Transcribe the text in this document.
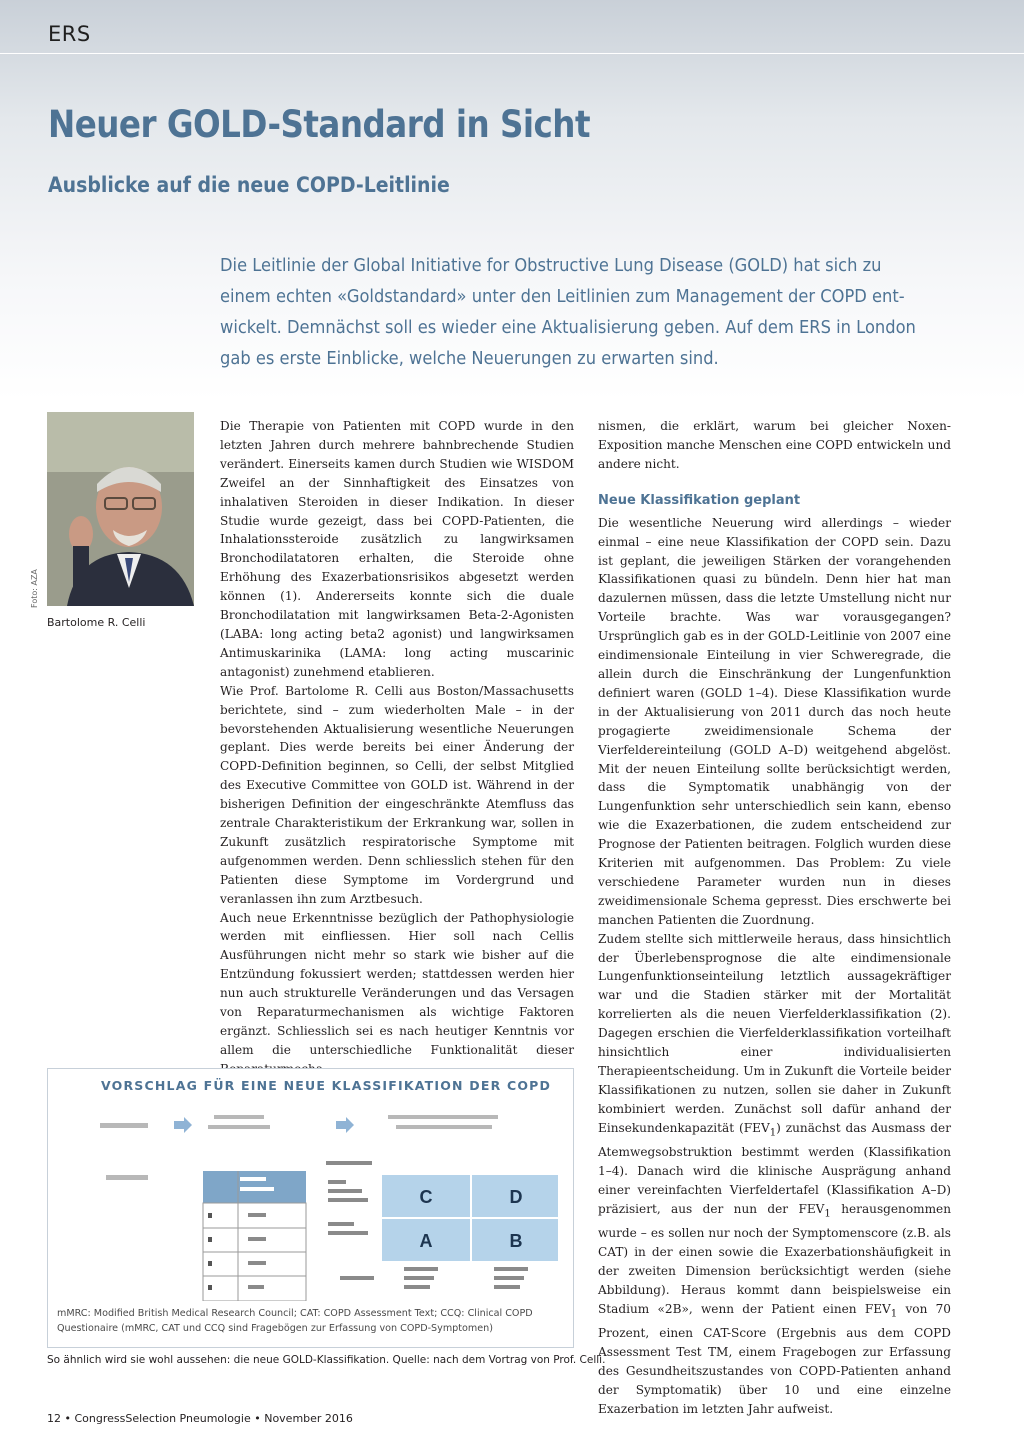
ERS
Neuer GOLD-Standard in Sicht
Ausblicke auf die neue COPD-Leitlinie
Die Leitlinie der Global Initiative for Obstructive Lung Disease (GOLD) hat sich zu
einem echten «Goldstandard» unter den Leitlinien zum Management der COPD ent-
wickelt. Demnächst soll es wieder eine Aktualisierung geben. Auf dem ERS in London
gab es erste Einblicke, welche Neuerungen zu erwarten sind.
Foto: AZA
Bartolome R. Celli

Die Therapie von Patienten mit COPD wurde in den letzten Jahren durch mehrere bahnbrechende Studien verändert. Einerseits kamen durch Studien wie WISDOM Zweifel an der Sinnhaftigkeit des Einsatzes von inhalativen Steroiden in dieser Indikation. In dieser Studie wurde gezeigt, dass bei COPD-Patienten, die Inhalationssteroide zusätzlich zu langwirksamen Bronchodilatatoren erhalten, die Steroide ohne Erhöhung des Exazerbationsrisikos abgesetzt werden können (1). Andererseits konnte sich die duale Bronchodilatation mit langwirksamen Beta-2-Agonisten (LABA: long acting beta2 agonist) und langwirksamen Antimuskarinika (LAMA: long acting muscarinic antagonist) zunehmend etablieren.

Wie Prof. Bartolome R. Celli aus Boston/Massachusetts berichtete, sind – zum wiederholten Male – in der bevorstehenden Aktualisierung wesentliche Neuerungen geplant. Dies werde bereits bei einer Änderung der COPD-Definition beginnen, so Celli, der selbst Mitglied des Executive Committee von GOLD ist. Während in der bisherigen Definition der eingeschränkte Atemfluss das zentrale Charakteristikum der Erkrankung war, sollen in Zukunft zusätzlich respiratorische Symptome mit aufgenommen werden. Denn schliesslich stehen für den Patienten diese Symptome im Vordergrund und veranlassen ihn zum Arztbesuch.

Auch neue Erkenntnisse bezüglich der Pathophysiologie werden mit einfliessen. Hier soll nach Cellis Ausführungen nicht mehr so stark wie bisher auf die Entzündung fokussiert werden; stattdessen werden hier nun auch strukturelle Veränderungen und das Versagen von Reparaturmechanismen als wichtige Faktoren ergänzt. Schliesslich sei es nach heutiger Kenntnis vor allem die unterschiedliche Funktionalität dieser

nismen, die erklärt, warum bei gleicher Noxen-Exposition manche Menschen eine COPD entwickeln und andere nicht.

Neue Klassifikation geplant

Die wesentliche Neuerung wird allerdings – wieder einmal – eine neue Klassifikation der COPD sein. Dazu ist geplant, die jeweiligen Stärken der vorangehenden Klassifikationen quasi zu bündeln. Denn hier hat man dazulernen müssen, dass die letzte Umstellung nicht nur Vorteile brachte. Was war vorausgegangen? Ursprünglich gab es in der GOLD-Leitlinie von 2007 eine eindimensionale Einteilung in vier Schweregrade, die allein durch die Einschränkung der Lungenfunktion definiert waren (GOLD 1–4). Diese Klassifikation wurde in der Aktualisierung von 2011 durch das noch heute progagierte zweidimensionale Schema der Vierfeldereinteilung (GOLD A–D) weitgehend abgelöst. Mit der neuen Einteilung sollte berücksichtigt werden, dass die Symptomatik unabhängig von der Lungenfunktion sehr unterschiedlich sein kann, ebenso wie die Exazerbationen, die zudem entscheidend zur Prognose der Patienten beitragen. Folglich wurden diese Kriterien mit aufgenommen. Das Problem: Zu viele verschiedene Parameter wurden nun in dieses zweidimensionale Schema gepresst. Dies erschwerte bei manchen Patienten die Zuordnung.

Zudem stellte sich mittlerweile heraus, dass hinsichtlich der Überlebensprognose die alte eindimensionale Lungenfunktionseinteilung letztlich aussagekräftiger war und die Stadien stärker mit der Mortalität korrelierten als die neuen Vierfelderklassifikation (2). Dagegen erschien die Vierfelderklassifikation vorteilhaft hinsichtlich einer individualisierten Therapieentscheidung. Um in Zukunft die Vorteile beider Klassifikationen zu nutzen, sollen sie daher in Zukunft kombiniert werden. Zunächst soll dafür anhand der Einsekundenkapazität $(FEV_1)$ zunächst das Ausmass der Atemwegsobstruktion bestimmt werden (Klassifikation 1–4). Danach wird die klinische Ausprägung anhand einer vereinfachten Vierfeldertafel (Klassifikation A–D) präzisiert, aus der nun der $FEV_1$ herausgenommen wurde – es sollen nur noch der Symptomenscore (z.B. als CAT) in der einen sowie die Exazerbationshäufigkeit in der zweiten Dimension berücksichtigt werden (siehe Abbildung). Heraus kommt dann beispielsweise ein Stadium «2B», wenn der Patient einen $FEV_1$ von 70 Prozent, einen CAT-Score (Ergebnis aus dem COPD Assessment Test TM, einem Fragebogen zur Erfassung des Gesundheitszustandes von COPD-Patienten anhand der Symptomatik) über 10 und eine einzelne Exazerbation im letzten Jahr aufweist.

VORSCHLAG FÜR EINE NEUE KLASSIFIKATION DER COPD

C	D
A	B
mMRC: Modified British Medical Research Council; CAT: COPD Assessment Text; CCQ: Clinical COPD Questionaire (mMRC, CAT und CCQ sind Fragebögen zur Erfassung von COPD-Symptomen)
So ähnlich wird sie wohl aussehen: die neue GOLD-Klassifikation. Quelle: nach dem Vortrag von Prof. Celli.
12 • CongressSelection Pneumologie • November 2016
